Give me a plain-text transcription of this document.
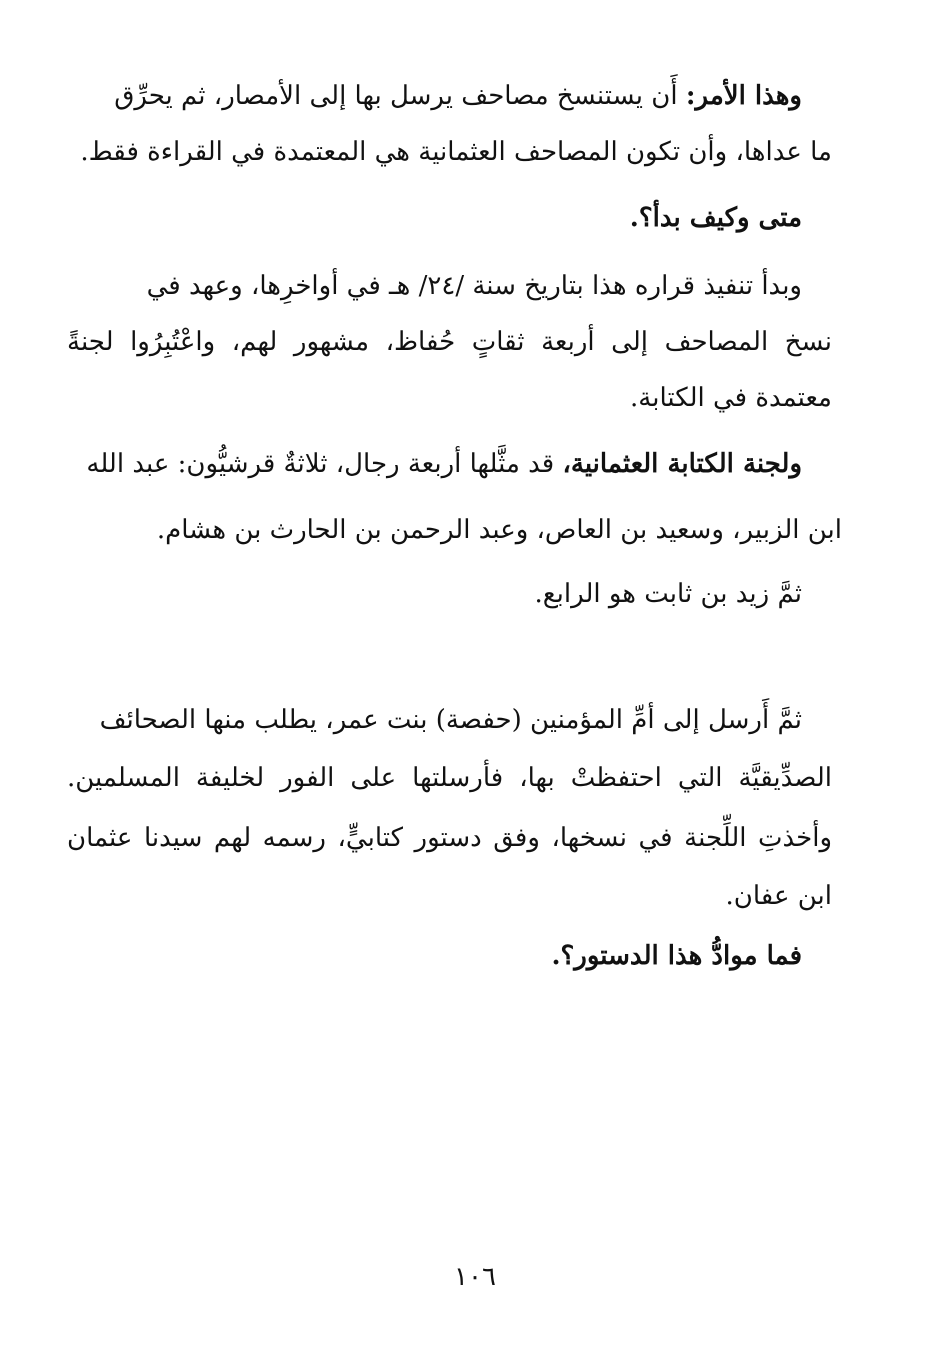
وهذا الأمر: أَن يستنسخ مصاحف يرسل بها إلى الأمصار، ثم يحرِّق
ما عداها، وأن تكون المصاحف العثمانية هي المعتمدة في القراءة فقط.
متى وكيف بدأ؟.
وبدأ تنفيذ قراره هذا بتاريخ سنة /٢٤/ هـ في أواخرِها، وعهد في
نسخ المصاحف إلى أربعة ثقاتٍ حُفاظ، مشهور لهم، واعْتُبِرُوا لجنةً
معتمدة في الكتابة.
ولجنة الكتابة العثمانية، قد مثَّلها أربعة رجال، ثلاثةٌ قرشيُّون: عبد الله
ابن الزبير، وسعيد بن العاص، وعبد الرحمن بن الحارث بن هشام.
ثمَّ زيد بن ثابت هو الرابع.
ثمَّ أَرسل إلى أمِّ المؤمنين (حفصة) بنت عمر، يطلب منها الصحائف
الصدِّيقيَّة التي احتفظتْ بها، فأرسلتها على الفور لخليفة المسلمين.
وأخذتِ اللِّجنة في نسخها، وفق دستور كتابيٍّ، رسمه لهم سيدنا عثمان
ابن عفان.
فما موادُّ هذا الدستور؟.
١٠٦
